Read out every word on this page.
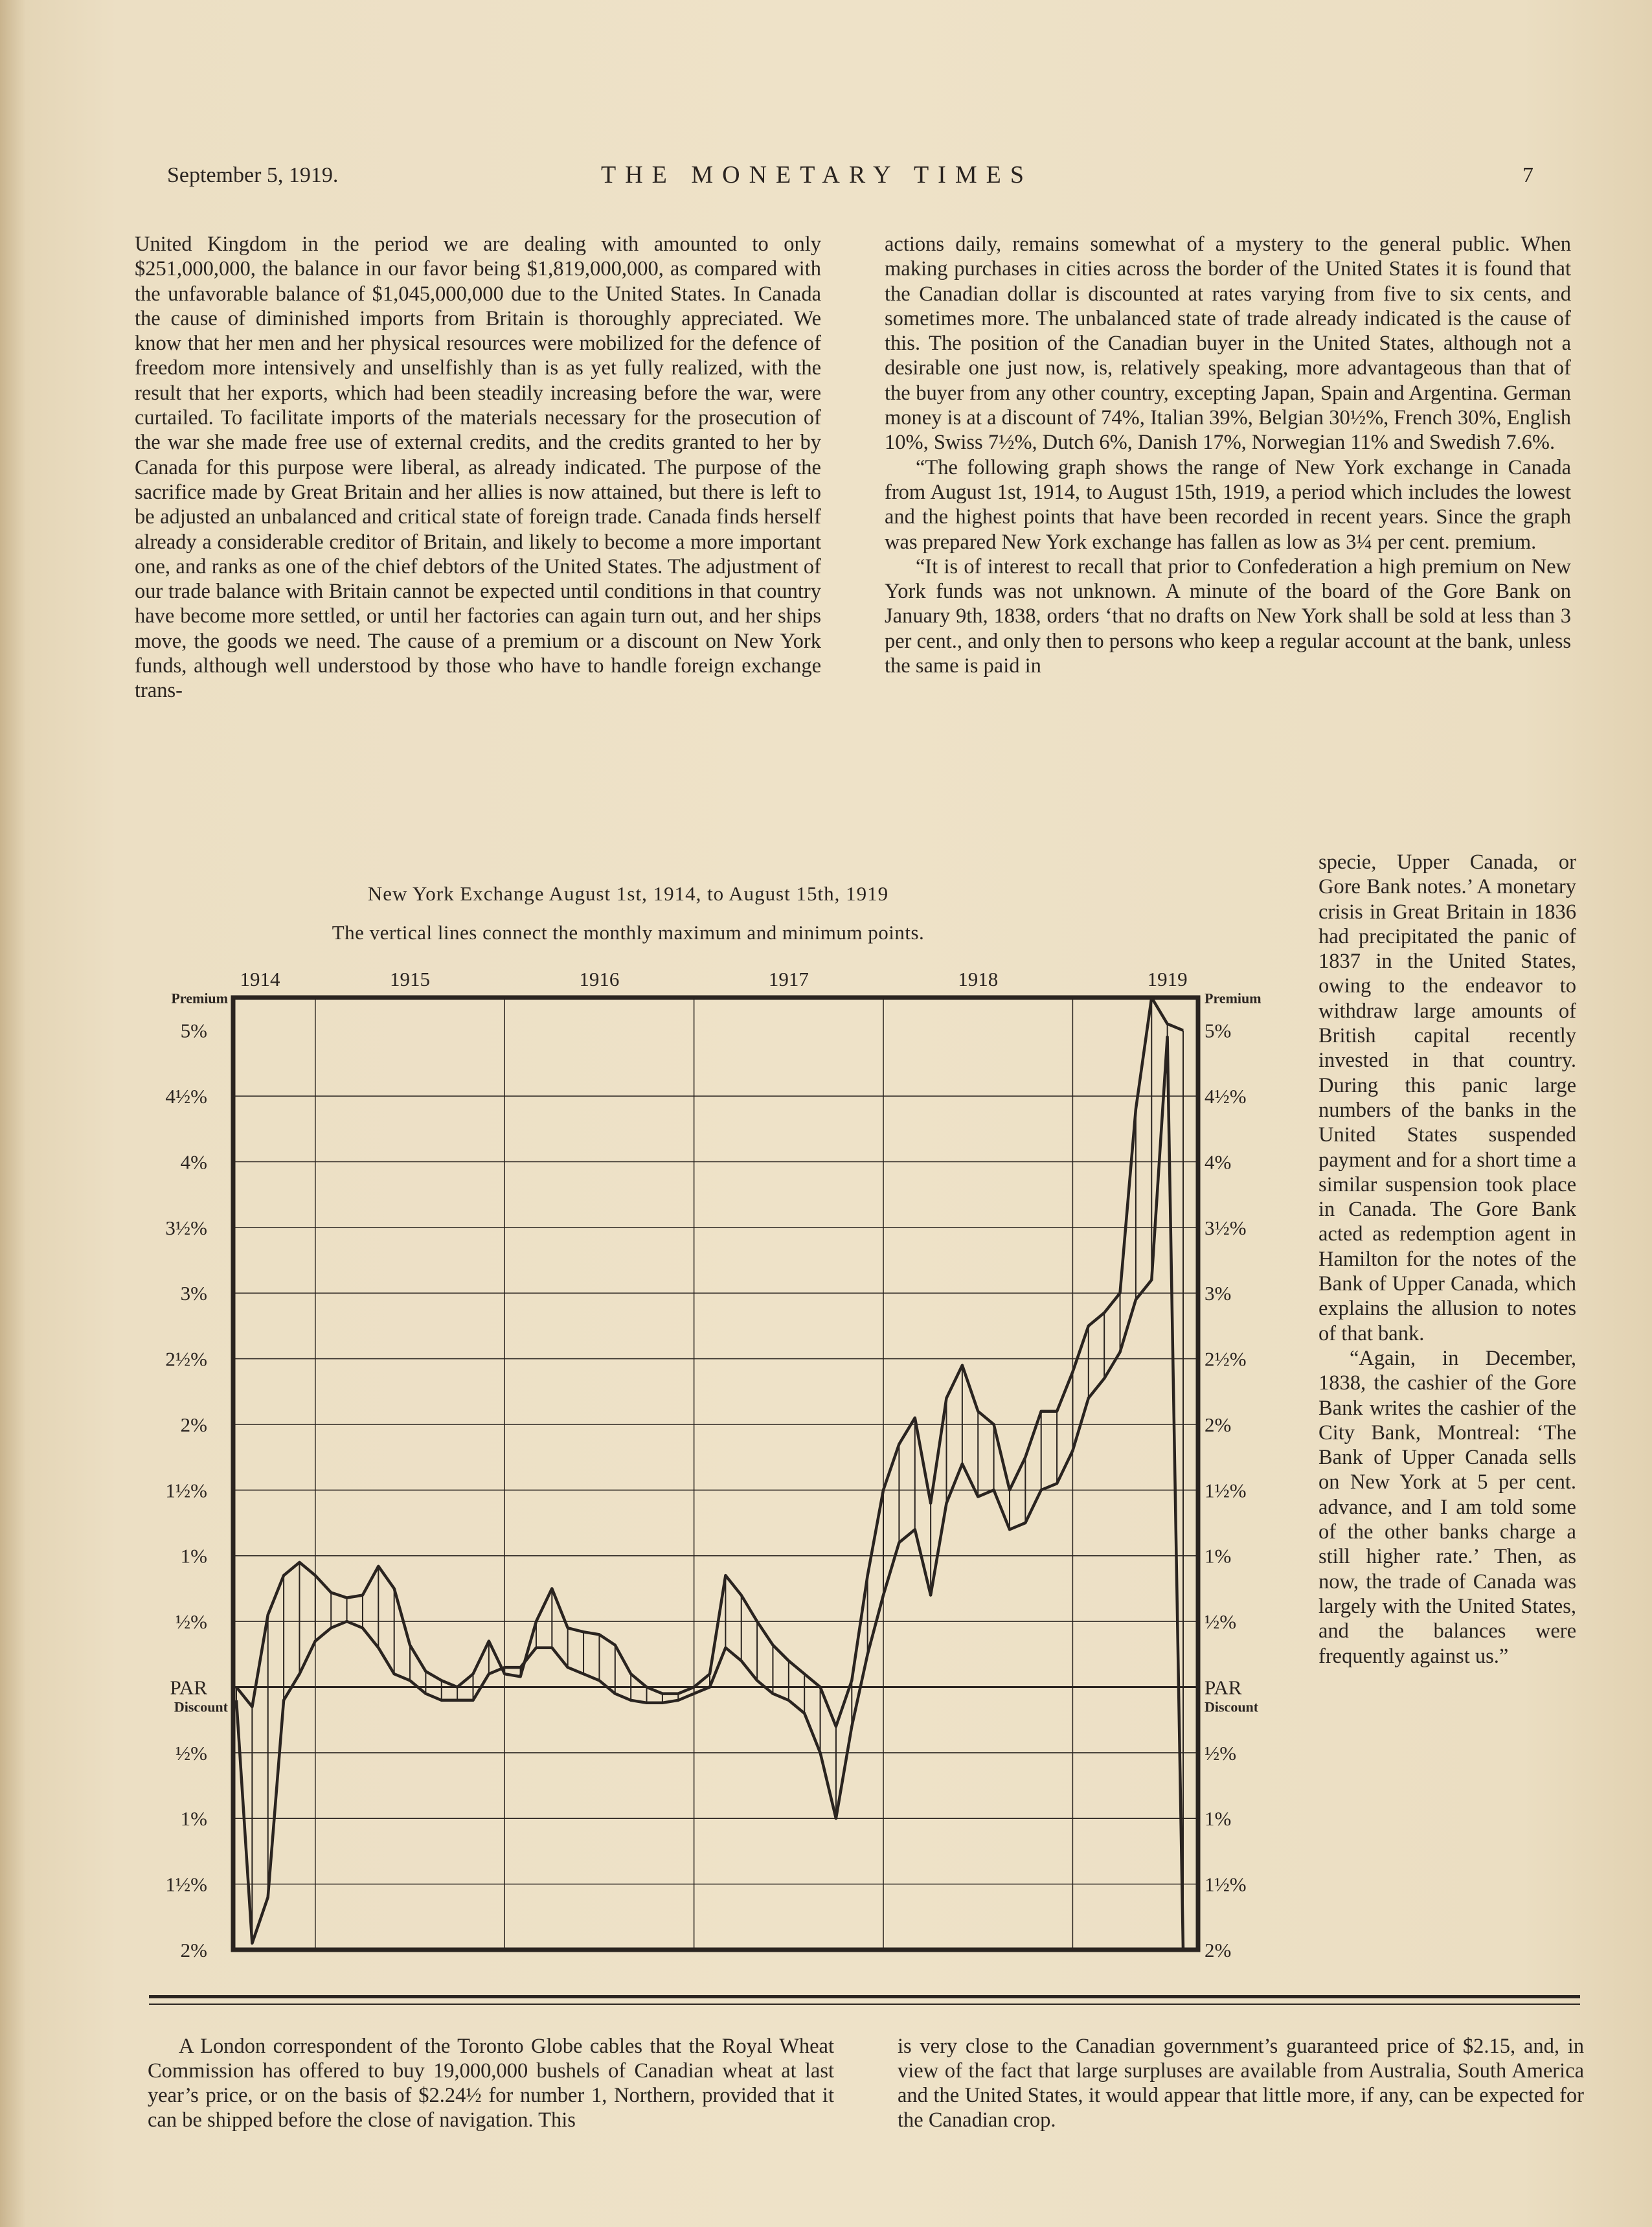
September 5, 1919.	THE MONETARY TIMES	7

United Kingdom in the period we are dealing with amounted to only $251,000,000, the balance in our favor being $1,819,000,000, as compared with the unfavorable balance of $1,045,000,000 due to the United States. In Canada the cause of diminished imports from Britain is thoroughly appreciated. We know that her men and her physical resources were mobilized for the defence of freedom more intensively and unselfishly than is as yet fully realized, with the result that her exports, which had been steadily increasing before the war, were curtailed. To facilitate imports of the materials necessary for the prosecution of the war she made free use of external credits, and the credits granted to her by Canada for this purpose were liberal, as already indicated. The purpose of the sacrifice made by Great Britain and her allies is now attained, but there is left to be adjusted an unbalanced and critical state of foreign trade. Canada finds herself already a considerable creditor of Britain, and likely to become a more important one, and ranks as one of the chief debtors of the United States. The adjustment of our trade balance with Britain cannot be expected until conditions in that country have become more settled, or until her factories can again turn out, and her ships move, the goods we need. The cause of a premium or a discount on New York funds, although well understood by those who have to handle foreign exchange trans-

actions daily, remains somewhat of a mystery to the general public. When making purchases in cities across the border of the United States it is found that the Canadian dollar is discounted at rates varying from five to six cents, and sometimes more. The unbalanced state of trade already indicated is the cause of this. The position of the Canadian buyer in the United States, although not a desirable one just now, is, relatively speaking, more advantageous than that of the buyer from any other country, excepting Japan, Spain and Argentina. German money is at a discount of 74%, Italian 39%, Belgian 30½%, French 30%, English 10%, Swiss 7½%, Dutch 6%, Danish 17%, Norwegian 11% and Swedish 7.6%.

“The following graph shows the range of New York exchange in Canada from August 1st, 1914, to August 15th, 1919, a period which includes the lowest and the highest points that have been recorded in recent years. Since the graph was prepared New York exchange has fallen as low as 3¼ per cent. premium.

“It is of interest to recall that prior to Confederation a high premium on New York funds was not unknown. A minute of the board of the Gore Bank on January 9th, 1838, orders ‘that no drafts on New York shall be sold at less than 3 per cent., and only then to persons who keep a regular account at the bank, unless the same is paid in

specie, Upper Canada, or Gore Bank notes.’ A monetary crisis in Great Britain in 1836 had precipitated the panic of 1837 in the United States, owing to the endeavor to withdraw large amounts of British capital recently invested in that country. During this panic large numbers of the banks in the United States suspended payment and for a short time a similar suspension took place in Canada. The Gore Bank acted as redemption agent in Hamilton for the notes of the Bank of Upper Canada, which explains the allusion to notes of that bank.

“Again, in December, 1838, the cashier of the Gore Bank writes the cashier of the City Bank, Montreal: ‘The Bank of Upper Canada sells on New York at 5 per cent. advance, and I am told some of the other banks charge a still higher rate.’ Then, as now, the trade of Canada was largely with the United States, and the balances were frequently against us.”

New York Exchange August 1st, 1914, to August 15th, 1919
The vertical lines connect the monthly maximum and minimum points.
1914	1915	1916	1917	1918	1919
Premium
5%
4½%
4%
3½%
3%
2½%
2%
1½%
1%
½%
PAR
Discount
½%
1%
1½%
2%
Premium
5%
4½%
4%
3½%
3%
2½%
2%
1½%
1%
½%
PAR
Discount
½%
1%
1½%
2%
A London correspondent of the Toronto Globe cables that the Royal Wheat Commission has offered to buy 19,000,000 bushels of Canadian wheat at last year’s price, or on the basis of $2.24½ for number 1, Northern, provided that it can be shipped before the close of navigation. This
is very close to the Canadian government’s guaranteed price of $2.15, and, in view of the fact that large surpluses are available from Australia, South America and the United States, it would appear that little more, if any, can be expected for the Canadian crop.
